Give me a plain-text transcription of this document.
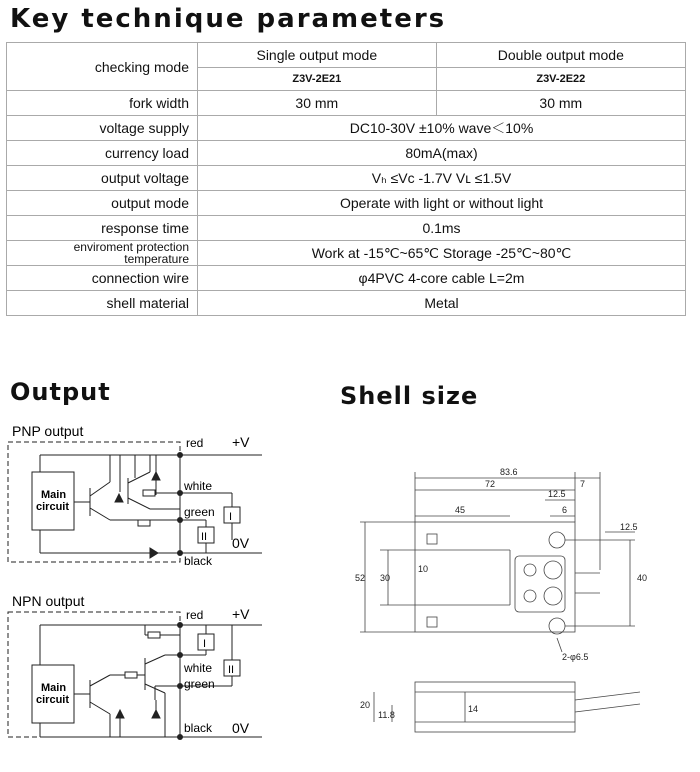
Key technique parameters
checking mode	Single output mode	Double output mode
	Z3V-2E21	Z3V-2E22
fork width	30 mm	30 mm
voltage supply	DC10-30V ±10% wave＜10%	
currency load	80mA(max)	
output voltage	Vₕ ≤Vᴄ -1.7V Vʟ ≤1.5V	
output mode	Operate with light or without light	
response time	0.1ms	
enviroment protection temperature	Work at -15℃~65℃ Storage -25℃~80℃	
connection wire	φ4PVC 4-core cable L=2m	
shell material	Metal	
Output	Shell size
PNP output
Main
circuit
red +V
white
green
black
0V
I
II
NPN output
Main
circuit
red +V
white
green
black 0V
I
II
83.6
72	7
12.5
6
45
12.5
10
52 30	40
2-φ6.5
20
11.8
14
